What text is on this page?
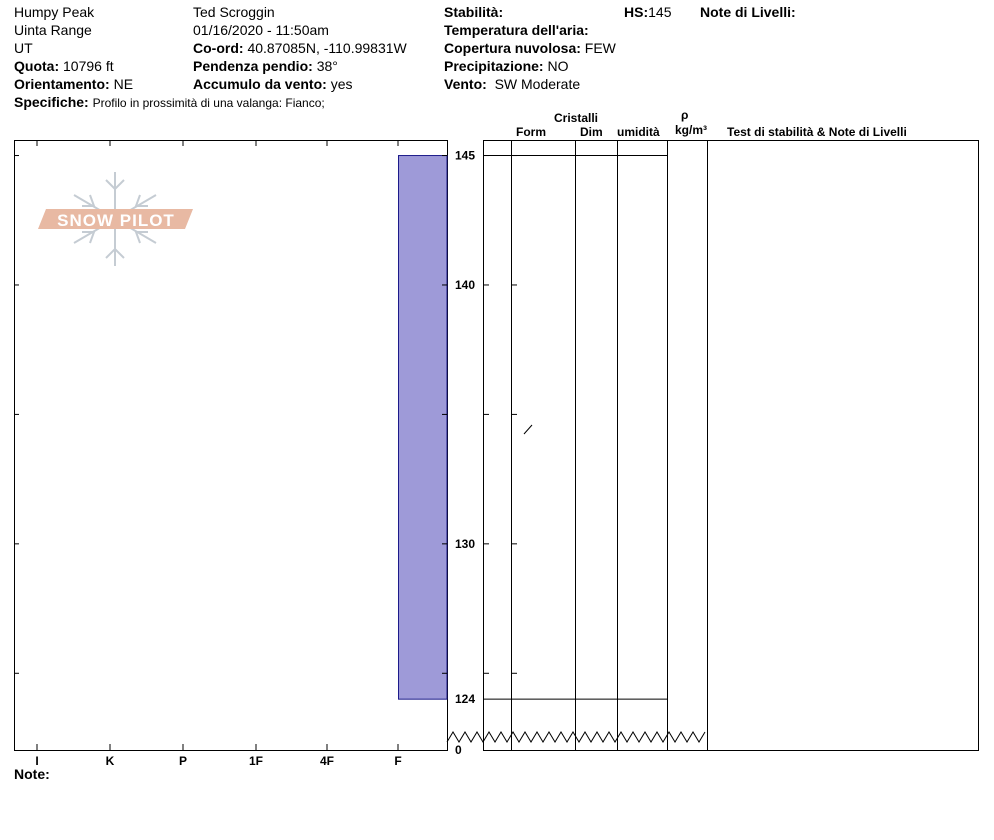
Humpy Peak
Uinta Range
UT
Quota: 10796 ft
Orientamento: NE
Specifiche: Profilo in prossimità di una valanga: Fianco;
Ted Scroggin
01/16/2020 - 11:50am
Co-ord: 40.87085N, -110.99831W
Pendenza pendio: 38°
Accumulo da vento: yes
Stabilità:
Temperatura dell'aria:
Copertura nuvolosa: FEW
Precipitazione: NO
Vento: SW Moderate
HS:145 Note di Livelli:
Cristalli
Form	Dim umidità
ρ
kg/m³ Test di stabilità & Note di Livelli
SNOW PILOT
145
140
130
124
0
I	K	P	1F	4F	F
Note:
